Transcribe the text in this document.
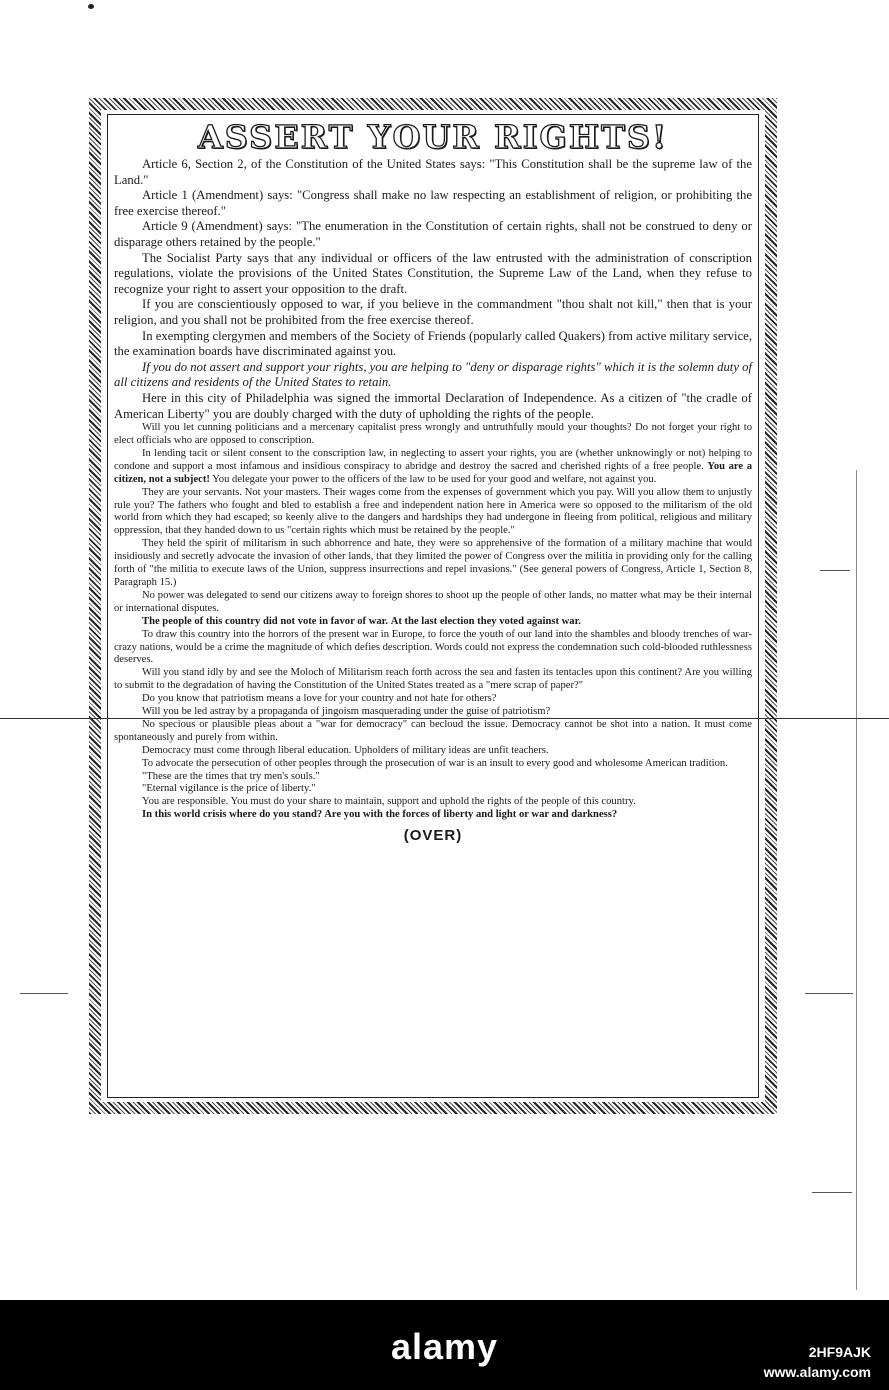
ASSERT YOUR RIGHTS!

Article 6, Section 2, of the Constitution of the United States says: "This Constitution shall be the supreme law of the Land."

Article 1 (Amendment) says: "Congress shall make no law respecting an establishment of religion, or prohibiting the free exercise thereof."

Article 9 (Amendment) says: "The enumeration in the Constitution of certain rights, shall not be construed to deny or disparage others retained by the people."

The Socialist Party says that any individual or officers of the law entrusted with the administration of conscription regulations, violate the provisions of the United States Constitution, the Supreme Law of the Land, when they refuse to recognize your right to assert your opposition to the draft.

If you are conscientiously opposed to war, if you believe in the commandment "thou shalt not kill," then that is your religion, and you shall not be prohibited from the free exercise thereof.

In exempting clergymen and members of the Society of Friends (popularly called Quakers) from active military service, the examination boards have discriminated against you.

If you do not assert and support your rights, you are helping to "deny or disparage rights" which it is the solemn duty of all citizens and residents of the United States to retain.

Here in this city of Philadelphia was signed the immortal Declaration of Independence. As a citizen of "the cradle of American Liberty" you are doubly charged with the duty of upholding the rights of the people.

Will you let cunning politicians and a mercenary capitalist press wrongly and untruthfully mould your thoughts? Do not forget your right to elect officials who are opposed to conscription.

In lending tacit or silent consent to the conscription law, in neglecting to assert your rights, you are (whether unknowingly or not) helping to condone and support a most infamous and insidious conspiracy to abridge and destroy the sacred and cherished rights of a free people. You are a citizen, not a subject! You delegate your power to the officers of the law to be used for your good and welfare, not against you.

They are your servants. Not your masters. Their wages come from the expenses of government which you pay. Will you allow them to unjustly rule you? The fathers who fought and bled to establish a free and independent nation here in America were so opposed to the militarism of the old world from which they had escaped; so keenly alive to the dangers and hardships they had undergone in fleeing from political, religious and military oppression, that they handed down to us "certain rights which must be retained by the people."

They held the spirit of militarism in such abhorrence and hate, they were so apprehensive of the formation of a military machine that would insidiously and secretly advocate the invasion of other lands, that they limited the power of Congress over the militia in providing only for the calling forth of "the militia to execute laws of the Union, suppress insurrections and repel invasions." (See general powers of Congress, Article 1, Section 8, Paragraph 15.)

No power was delegated to send our citizens away to foreign shores to shoot up the people of other lands, no matter what may be their internal or international disputes.

The people of this country did not vote in favor of war. At the last election they voted against war.

To draw this country into the horrors of the present war in Europe, to force the youth of our land into the shambles and bloody trenches of war-crazy nations, would be a crime the magnitude of which defies description. Words could not express the condemnation such cold-blooded ruthlessness deserves.

Will you stand idly by and see the Moloch of Militarism reach forth across the sea and fasten its tentacles upon this continent? Are you willing to submit to the degradation of having the Constitution of the United States treated as a "mere scrap of paper?"

Do you know that patriotism means a love for your country and not hate for others?

Will you be led astray by a propaganda of jingoism masquerading under the guise of patriotism?

No specious or plausible pleas about a "war for democracy" can becloud the issue. Democracy cannot be shot into a nation. It must come spontaneously and purely from within.

Democracy must come through liberal education. Upholders of military ideas are unfit teachers.

To advocate the persecution of other peoples through the prosecution of war is an insult to every good and wholesome American tradition.

"These are the times that try men's souls."

"Eternal vigilance is the price of liberty."

You are responsible. You must do your share to maintain, support and uphold the rights of the people of this country.

In this world crisis where do you stand? Are you with the forces of liberty and light or war and darkness?

(OVER)
alamy	2HF9AJK
www.alamy.com
